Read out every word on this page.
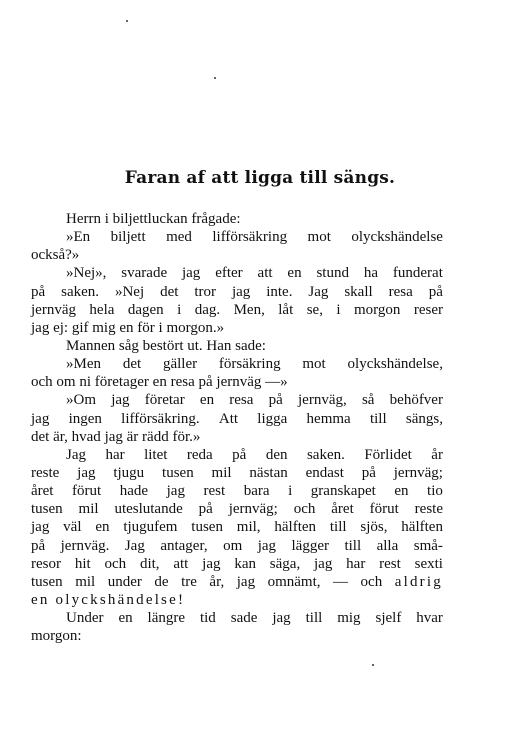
Faran af att ligga till sängs.
Herrn i biljettluckan frågade:
»En biljett med lifförsäkring mot olyckshändelse
också?»
»Nej», svarade jag efter att en stund ha funderat
på saken. »Nej det tror jag inte. Jag skall resa på
jernväg hela dagen i dag. Men, låt se, i morgon reser
jag ej: gif mig en för i morgon.»
Mannen såg bestört ut. Han sade:
»Men det gäller försäkring mot olyckshändelse,
och om ni företager en resa på jernväg —»
»Om jag företar en resa på jernväg, så behöfver
jag ingen lifförsäkring. Att ligga hemma till sängs,
det är, hvad jag är rädd för.»
Jag har litet reda på den saken. Förlidet år
reste jag tjugu tusen mil nästan endast på jernväg;
året förut hade jag rest bara i granskapet en tio
tusen mil uteslutande på jernväg; och året förut reste
jag väl en tjugufem tusen mil, hälften till sjös, hälften
på jernväg. Jag antager, om jag lägger till alla små-
resor hit och dit, att jag kan säga, jag har rest sexti
tusen mil under de tre år, jag omnämt, — och aldrig
en olyckshändelse!
Under en längre tid sade jag till mig sjelf hvar
morgon:
